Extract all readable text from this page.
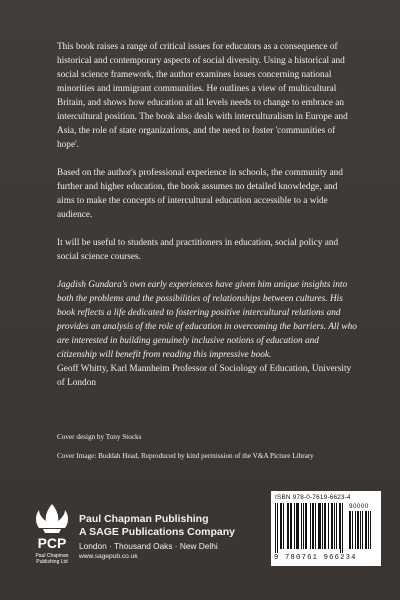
This book raises a range of critical issues for educators as a consequence of historical and contemporary aspects of social diversity. Using a historical and social science framework, the author examines issues concerning national minorities and immigrant communities. He outlines a view of multicultural Britain, and shows how education at all levels needs to change to embrace an intercultural position. The book also deals with interculturalism in Europe and Asia, the role of state organizations, and the need to foster 'communities of hope'.

Based on the author's professional experience in schools, the community and further and higher education, the book assumes no detailed knowledge, and aims to make the concepts of intercultural education accessible to a wide audience.

It will be useful to students and practitioners in education, social policy and social science courses.

Jagdish Gundara's own early experiences have given him unique insights into both the problems and the possibilities of relationships between cultures. His book reflects a life dedicated to fostering positive intercultural relations and provides an analysis of the role of education in overcoming the barriers. All who are interested in building genuinely inclusive notions of education and citizenship will benefit from reading this impressive book.

Geoff Whitty, Karl Mannheim Professor of Sociology of Education, University of London

Cover design by Tony Stocks
Cover Image: Buddah Head, Reproduced by kind permission of the V&A Picture Library
PCP
Paul Chapman
Publishing Ltd
Paul Chapman Publishing
A SAGE Publications Company
London · Thousand Oaks · New Delhi
www.sagepub.co.uk
ISBN 978-0-7619-6623-4
90000
9 780761 966234
